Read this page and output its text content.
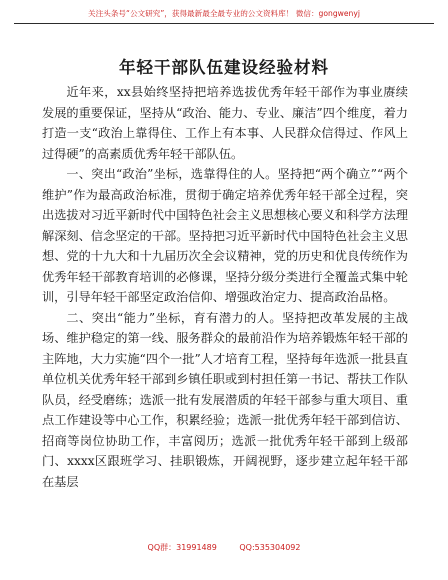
关注头条号“公文研究”，获得最新最全最专业的公文资料库！ 微信：gongwenyj
年轻干部队伍建设经验材料

近年来，xx县始终坚持把培养选拔优秀年轻干部作为事业赓续发展的重要保证，坚持从“政治、能力、专业、廉洁”四个维度，着力打造一支“政治上靠得住、工作上有本事、人民群众信得过、作风上过得硬”的高素质优秀年轻干部队伍。

一、突出“政治”坐标，选靠得住的人。坚持把“两个确立”“两个维护”作为最高政治标准，贯彻于确定培养优秀年轻干部全过程，突出选拔对习近平新时代中国特色社会主义思想核心要义和科学方法理解深刻、信念坚定的干部。坚持把习近平新时代中国特色社会主义思想、党的十九大和十九届历次全会议精神，党的历史和优良传统作为优秀年轻干部教育培训的必修课，坚持分级分类进行全覆盖式集中轮训，引导年轻干部坚定政治信仰、增强政治定力、提高政治品格。

二、突出“能力”坐标，育有潜力的人。坚持把改革发展的主战场、维护稳定的第一线、服务群众的最前沿作为培养锻炼年轻干部的主阵地，大力实施“四个一批”人才培育工程，坚持每年选派一批县直单位机关优秀年轻干部到乡镇任职或到村担任第一书记、帮扶工作队队员，经受磨练；选派一批有发展潜质的年轻干部参与重大项目、重点工作建设等中心工作，积累经验；选派一批优秀年轻干部到信访、招商等岗位协助工作，丰富阅历；选派一批优秀年轻干部到上级部门、xxxx区跟班学习、挂职锻炼，开阔视野，逐步建立起年轻干部在基层

QQ群：31991489	QQ:535304092
